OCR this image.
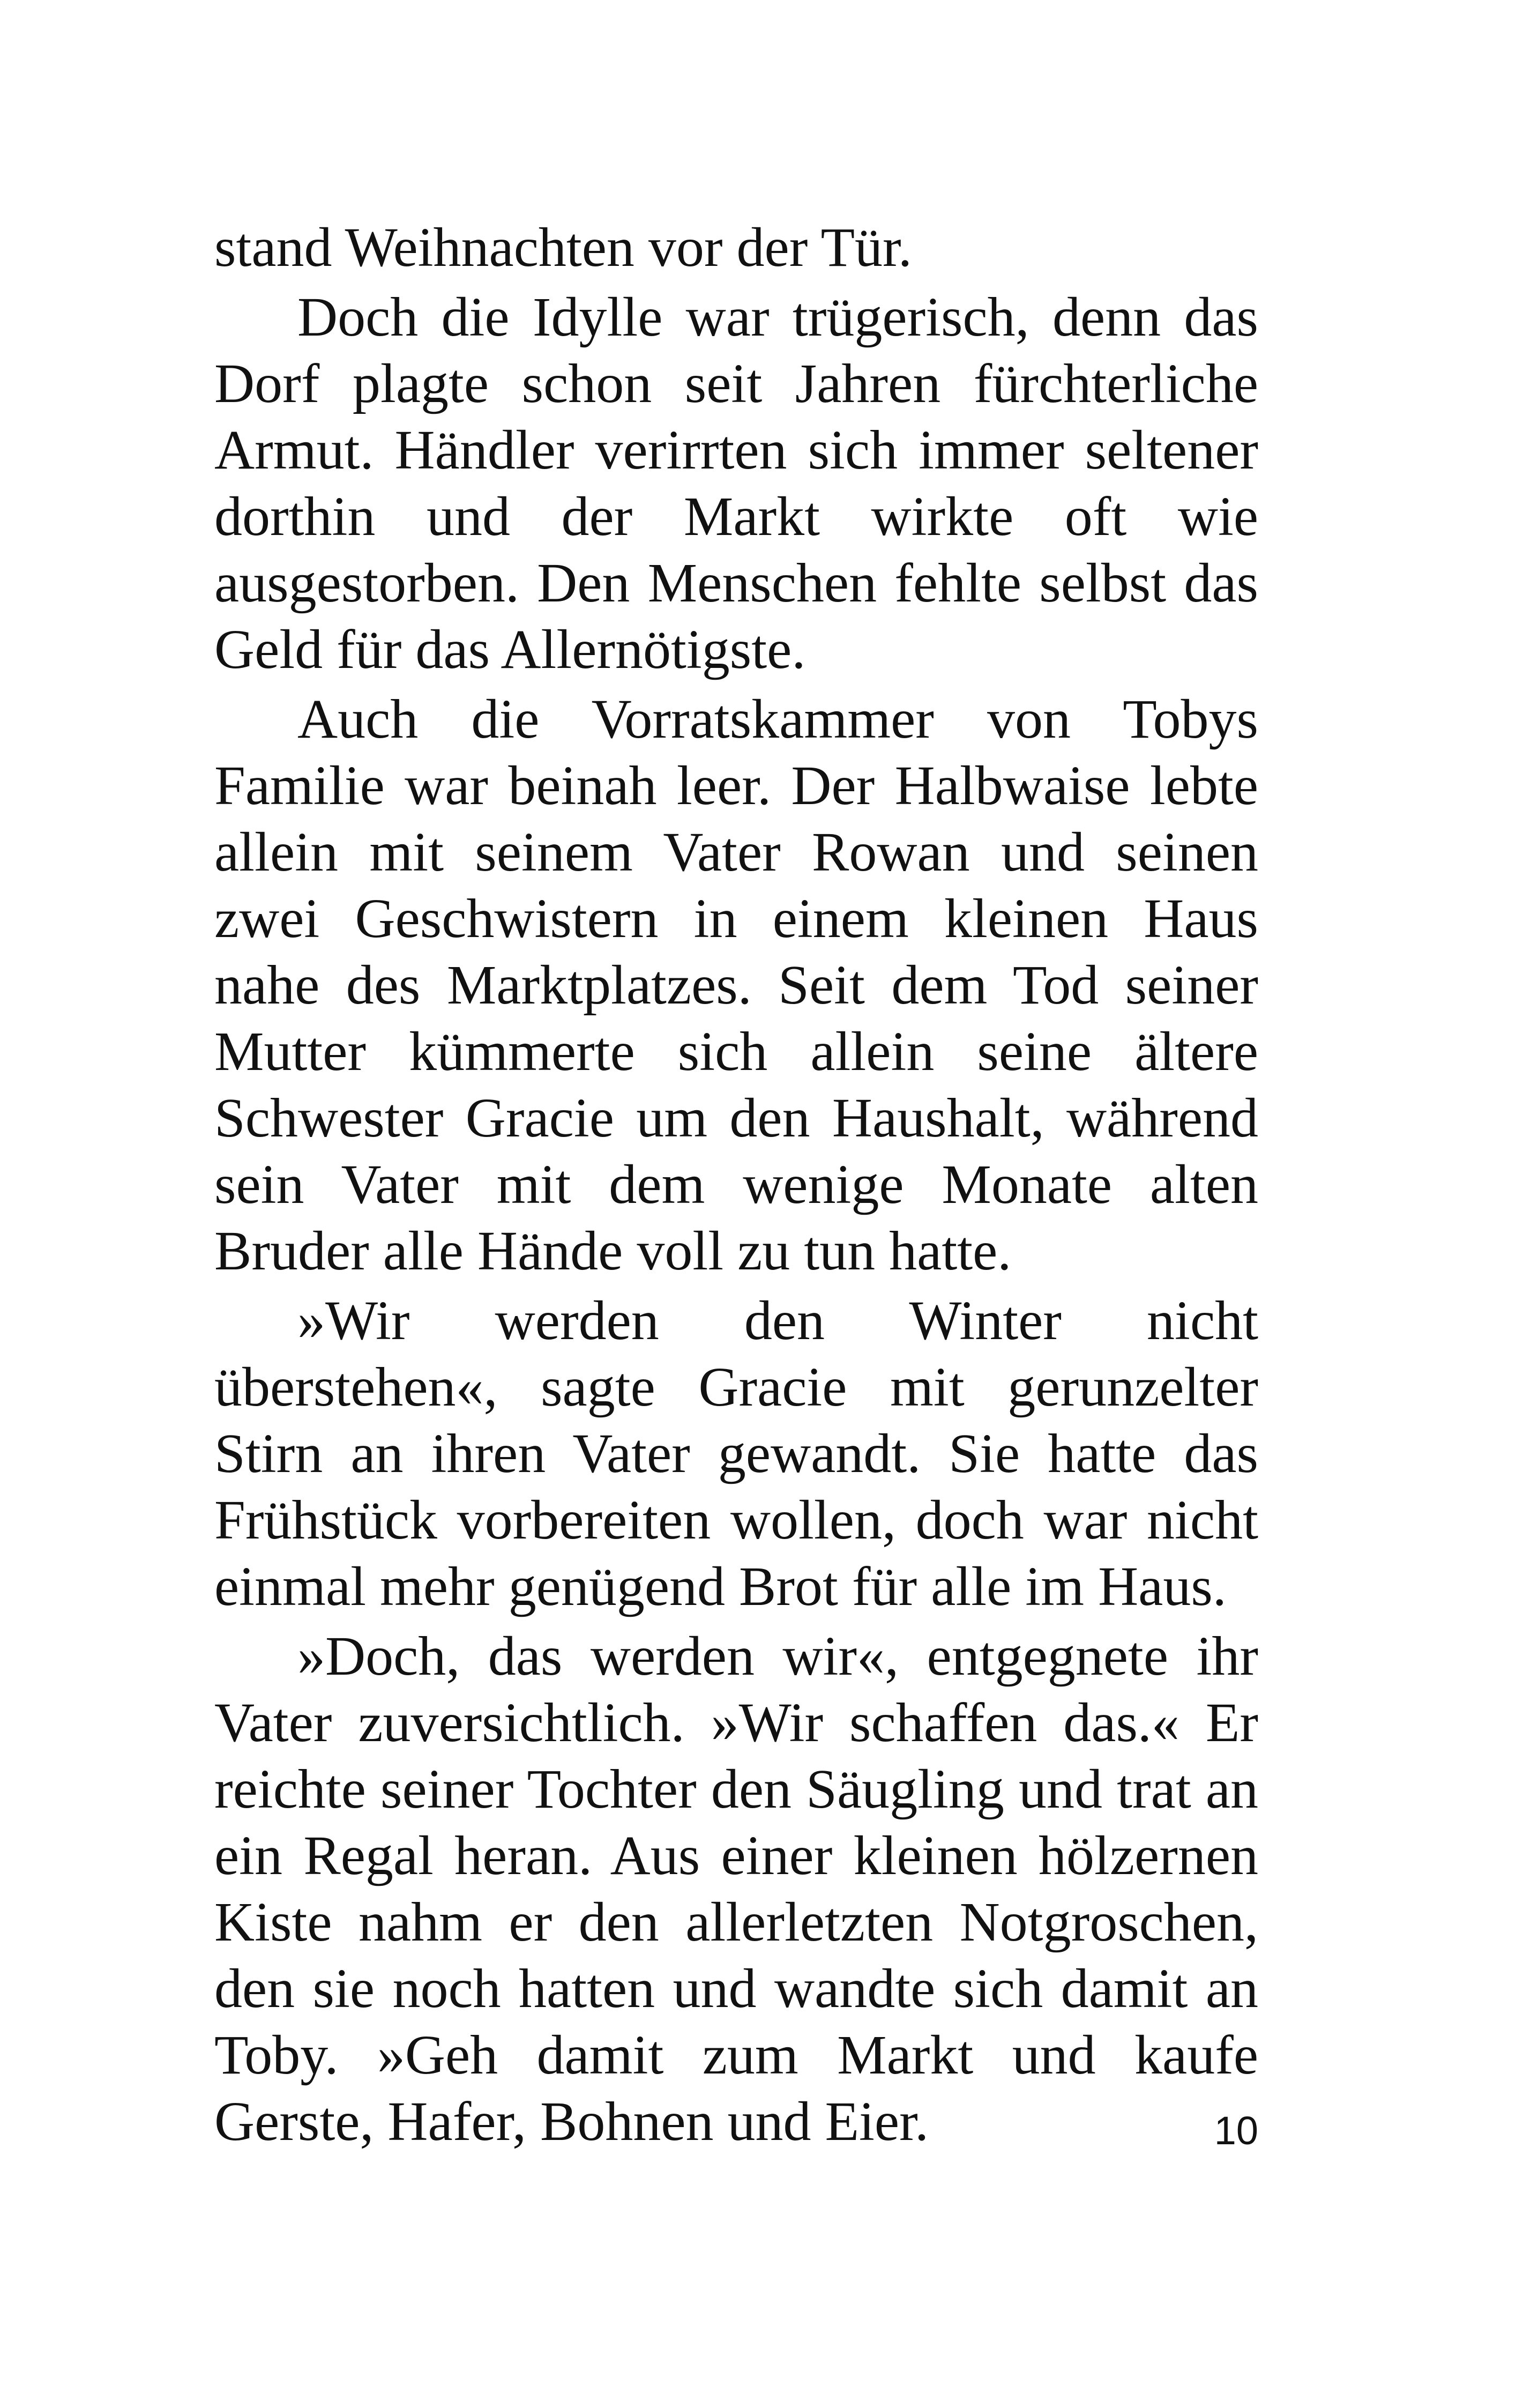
stand Weihnachten vor der Tür.

Doch die Idylle war trügerisch, denn das Dorf plagte schon seit Jahren fürchterliche Armut. Händler verirrten sich immer seltener dorthin und der Markt wirkte oft wie ausgestorben. Den Menschen fehlte selbst das Geld für das Allernötigste.

Auch die Vorratskammer von Tobys Familie war beinah leer. Der Halbwaise lebte allein mit seinem Vater Rowan und seinen zwei Geschwistern in einem kleinen Haus nahe des Marktplatzes. Seit dem Tod seiner Mutter kümmerte sich allein seine ältere Schwester Gracie um den Haushalt, während sein Vater mit dem wenige Monate alten Bruder alle Hände voll zu tun hatte.

»Wir werden den Winter nicht überstehen«, sagte Gracie mit gerunzelter Stirn an ihren Vater gewandt. Sie hatte das Frühstück vorbereiten wollen, doch war nicht einmal mehr genügend Brot für alle im Haus.

»Doch, das werden wir«, entgegnete ihr Vater zuversichtlich. »Wir schaffen das.« Er reichte seiner Tochter den Säugling und trat an ein Regal heran. Aus einer kleinen hölzernen Kiste nahm er den allerletzten Notgroschen, den sie noch hatten und wandte sich damit an Toby. »Geh damit zum Markt und kaufe Gerste, Hafer, Bohnen und Eier.	10
